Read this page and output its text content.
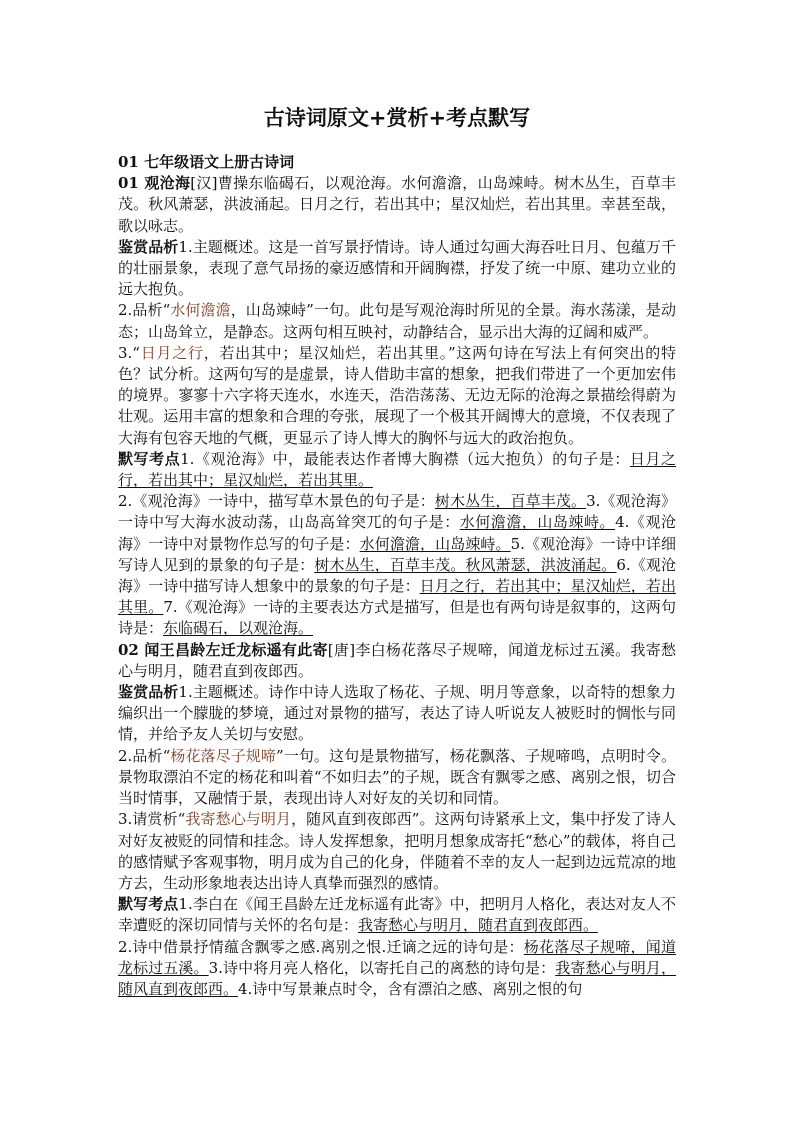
古诗词原文+赏析+考点默写

01 七年级语文上册古诗词

01 观沧海[汉]曹操东临碣石，以观沧海。水何澹澹，山岛竦峙。树木丛生，百草丰茂。秋风萧瑟，洪波涌起。日月之行，若出其中；星汉灿烂，若出其里。幸甚至哉，歌以咏志。

鉴赏品析1.主题概述。这是一首写景抒情诗。诗人通过勾画大海吞吐日月、包蕴万千的壮丽景象，表现了意气昂扬的豪迈感情和开阔胸襟，抒发了统一中原、建功立业的远大抱负。

2.品析“水何澹澹，山岛竦峙”一句。此句是写观沧海时所见的全景。海水荡漾，是动态；山岛耸立，是静态。这两句相互映衬，动静结合，显示出大海的辽阔和威严。

3.“日月之行，若出其中；星汉灿烂，若出其里。”这两句诗在写法上有何突出的特色？试分析。这两句写的是虚景，诗人借助丰富的想象，把我们带进了一个更加宏伟的境界。寥寥十六字将天连水，水连天，浩浩荡荡、无边无际的沧海之景描绘得蔚为壮观。运用丰富的想象和合理的夸张，展现了一个极其开阔博大的意境，不仅表现了大海有包容天地的气概，更显示了诗人博大的胸怀与远大的政治抱负。

默写考点1.《观沧海》中，最能表达作者博大胸襟（远大抱负）的句子是：日月之行，若出其中；星汉灿烂，若出其里。

2.《观沧海》一诗中，描写草木景色的句子是：树木丛生，百草丰茂。3.《观沧海》一诗中写大海水波动荡，山岛高耸突兀的句子是：水何澹澹，山岛竦峙。4.《观沧海》一诗中对景物作总写的句子是：水何澹澹，山岛竦峙。5.《观沧海》一诗中详细写诗人见到的景象的句子是：树木丛生，百草丰茂。秋风萧瑟，洪波涌起。6.《观沧海》一诗中描写诗人想象中的景象的句子是：日月之行，若出其中；星汉灿烂，若出其里。7.《观沧海》一诗的主要表达方式是描写，但是也有两句诗是叙事的，这两句诗是：东临碣石，以观沧海。

02 闻王昌龄左迁龙标遥有此寄[唐]李白杨花落尽子规啼，闻道龙标过五溪。我寄愁心与明月，随君直到夜郎西。

鉴赏品析1.主题概述。诗作中诗人选取了杨花、子规、明月等意象，以奇特的想象力编织出一个朦胧的梦境，通过对景物的描写，表达了诗人听说友人被贬时的惆怅与同情，并给予友人关切与安慰。

2.品析“杨花落尽子规啼”一句。这句是景物描写，杨花飘落、子规啼鸣，点明时令。景物取漂泊不定的杨花和叫着“不如归去”的子规，既含有飘零之感、离别之恨，切合当时情事，又融情于景，表现出诗人对好友的关切和同情。

3.请赏析“我寄愁心与明月，随风直到夜郎西”。这两句诗紧承上文，集中抒发了诗人对好友被贬的同情和挂念。诗人发挥想象，把明月想象成寄托“愁心”的载体，将自己的感情赋予客观事物，明月成为自己的化身，伴随着不幸的友人一起到边远荒凉的地方去，生动形象地表达出诗人真挚而强烈的感情。

默写考点1.李白在《闻王昌龄左迁龙标遥有此寄》中，把明月人格化，表达对友人不幸遭贬的深切同情与关怀的名句是：我寄愁心与明月，随君直到夜郎西。

2.诗中借景抒情蕴含飘零之感.离别之恨.迁谪之远的诗句是：杨花落尽子规啼，闻道龙标过五溪。3.诗中将月亮人格化，以寄托自己的离愁的诗句是：我寄愁心与明月，随风直到夜郎西。4.诗中写景兼点时令，含有漂泊之感、离别之恨的句
